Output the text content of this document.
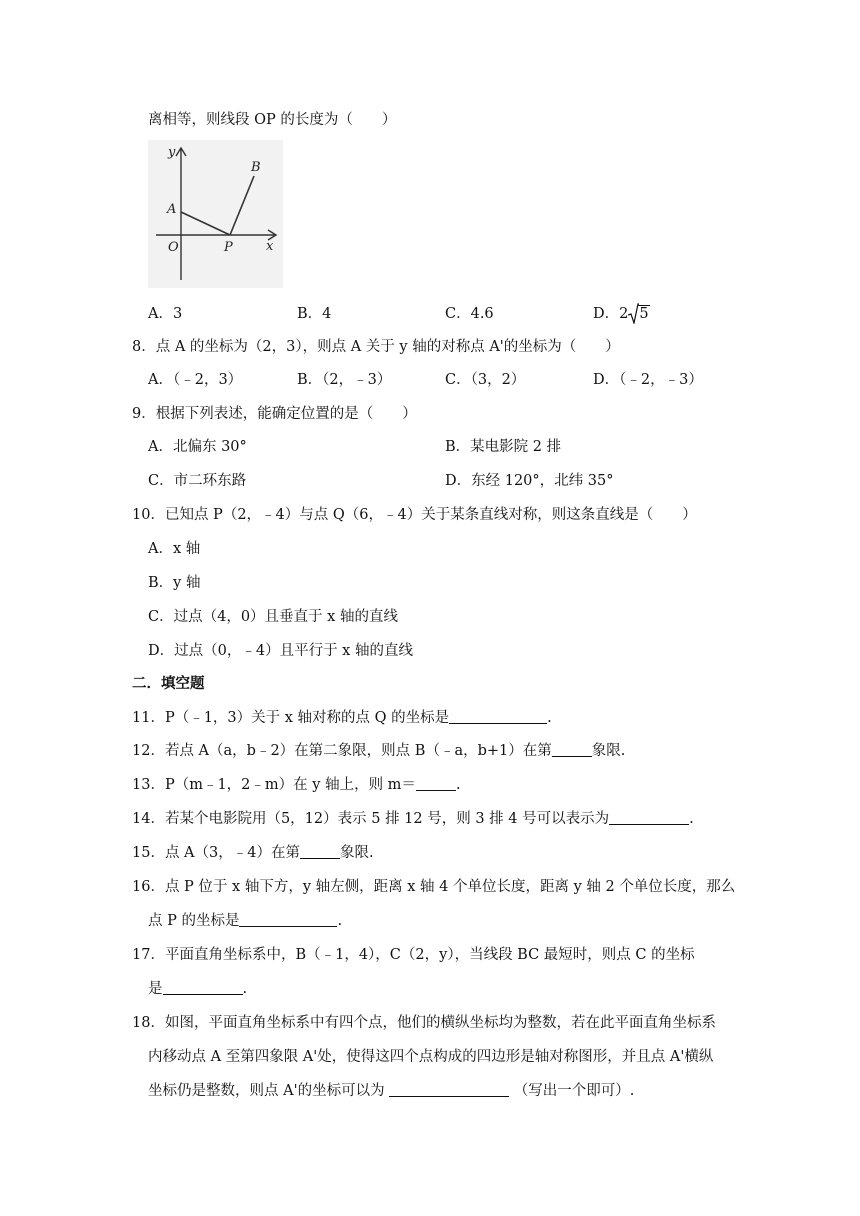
离相等，则线段 OP 的长度为（　　）
y
x
A
B
O	P
A．3	B．4	C．4.6	D．2 5
8．点 A 的坐标为（2，3），则点 A 关于 y 轴的对称点 A'的坐标为（　　）
A．（﹣2，3）	B．（2，﹣3）	C．（3，2）	D．（﹣2，﹣3）
9．根据下列表述，能确定位置的是（　　）
A．北偏东 30°	B．某电影院 2 排
C．市二环东路	D．东经 120°，北纬 35°
10．已知点 P（2，﹣4）与点 Q（6，﹣4）关于某条直线对称，则这条直线是（　　）
A．x 轴
B．y 轴
C．过点（4，0）且垂直于 x 轴的直线
D．过点（0，﹣4）且平行于 x 轴的直线
二．填空题
11．P（﹣1，3）关于 x 轴对称的点 Q 的坐标是	.
12．若点 A（a，b﹣2）在第二象限，则点 B（﹣a，b+1）在第	象限.
13．P（m﹣1，2﹣m）在 y 轴上，则 m＝	.
14．若某个电影院用（5，12）表示 5 排 12 号，则 3 排 4 号可以表示为	.
15．点 A（3，﹣4）在第	象限.
16．点 P 位于 x 轴下方，y 轴左侧，距离 x 轴 4 个单位长度，距离 y 轴 2 个单位长度，那么
点 P 的坐标是	.
17．平面直角坐标系中，B（﹣1，4），C（2，y），当线段 BC 最短时，则点 C 的坐标
是	.
18．如图，平面直角坐标系中有四个点，他们的横纵坐标均为整数，若在此平面直角坐标系
内移动点 A 至第四象限 A'处，使得这四个点构成的四边形是轴对称图形，并且点 A'横纵
坐标仍是整数，则点 A'的坐标可以为	（写出一个即可）.
